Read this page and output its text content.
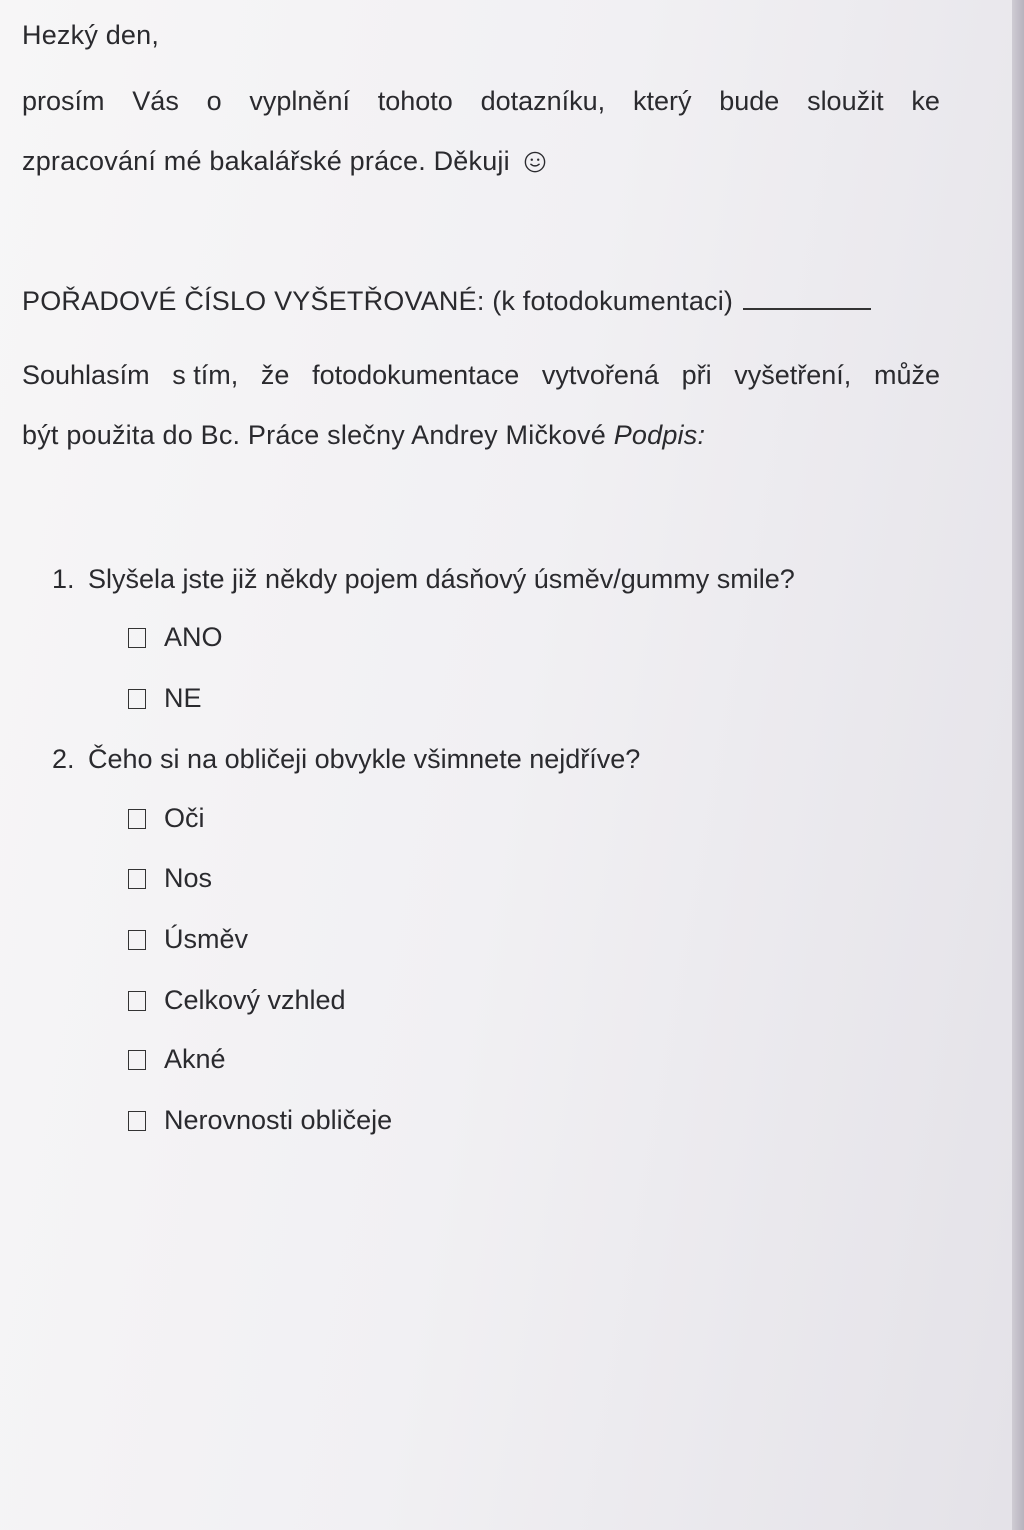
Hezký den,
prosím Vás o vyplnění tohoto dotazníku, který bude sloužit ke
zpracování mé bakalářské práce. Děkuji
POŘADOVÉ ČÍSLO VYŠETŘOVANÉ: (k fotodokumentaci)
Souhlasím s tím, že fotodokumentace vytvořená při vyšetření, může
být použita do Bc. Práce slečny Andrey Mičkové Podpis:
1. Slyšela jste již někdy pojem dásňový úsměv/gummy smile?
ANO
NE
2. Čeho si na obličeji obvykle všimnete nejdříve?
Oči
Nos
Úsměv
Celkový vzhled
Akné
Nerovnosti obličeje
